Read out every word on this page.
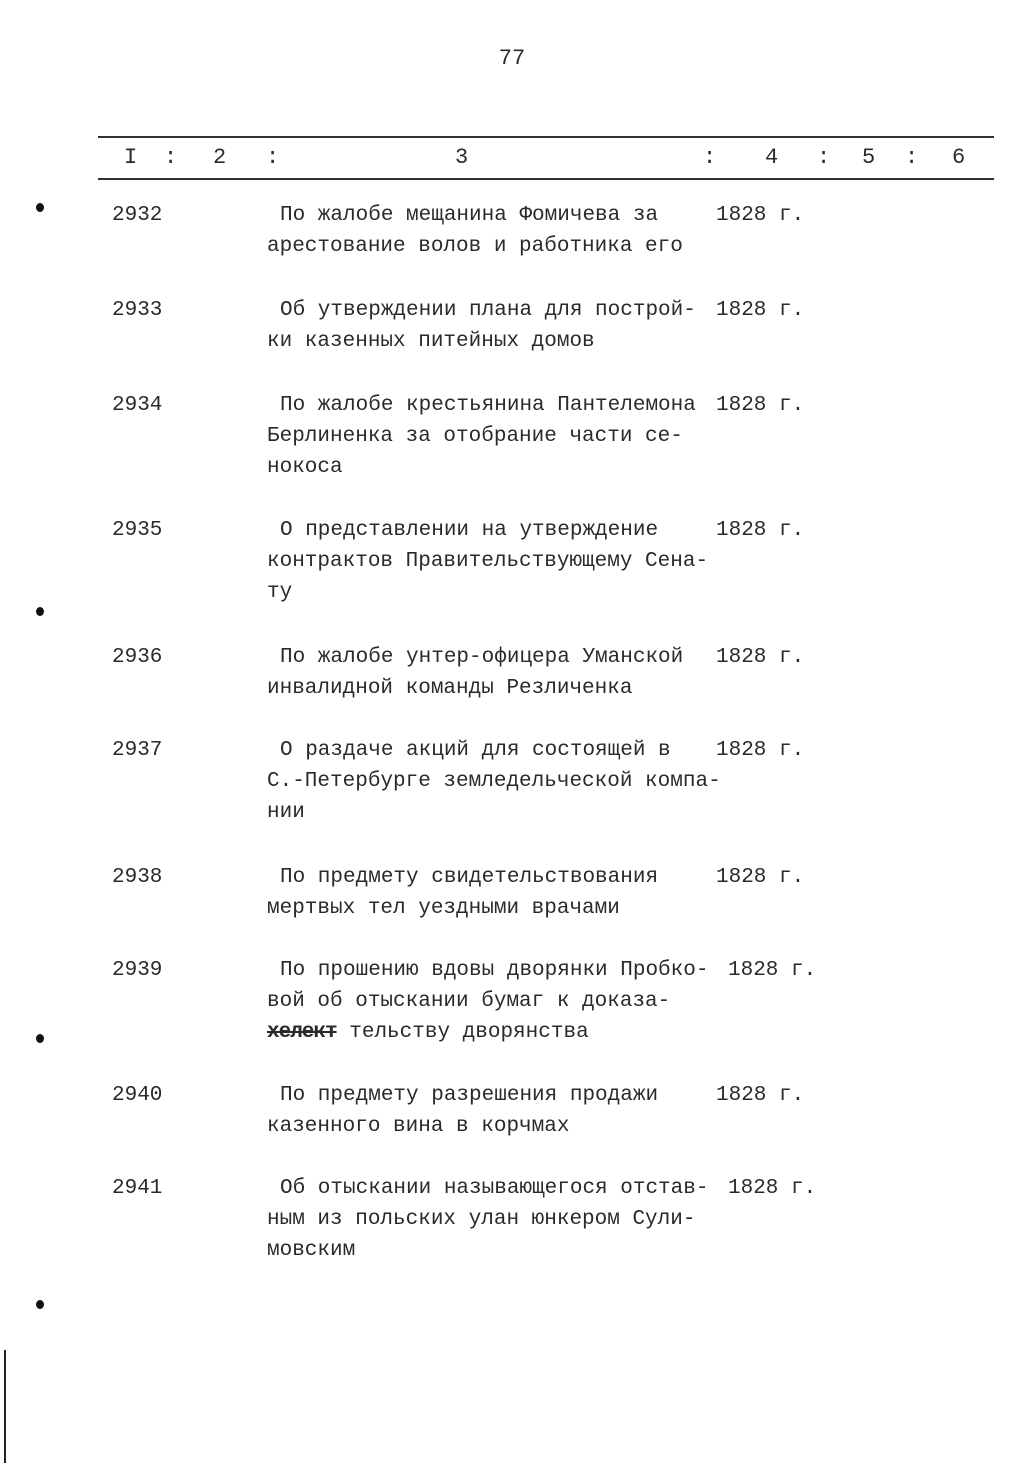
77
I : 2 :	3	: 4 : 5 : 6
2932	По жалобе мещанина Фомичева за
арестование волов и работника его
1828 г.
2933	Об утверждении плана для построй-
ки казенных питейных домов
1828 г.
2934	По жалобе крестьянина Пантелемона
Берлиненка за отобрание части се-
нокоса
1828 г.
2935	О представлении на утверждение
контрактов Правительствующему Сена-
ту
1828 г.
2936	По жалобе унтер-офицера Уманской
инвалидной команды Резличенка
1828 г.
2937	О раздаче акций для состоящей в
С.-Петербурге земледельческой компа-
нии
1828 г.
2938	По предмету свидетельствования
мертвых тел уездными врачами
1828 г.
2939	По прошению вдовы дворянки Пробко-
вой об отыскании бумаг к доказа-
хелект тельству дворянства
1828 г.
2940	По предмету разрешения продажи
казенного вина в корчмах
1828 г.
2941	Об отыскании называющегося отстав-
ным из польских улан юнкером Сули-
мовским
1828 г.
